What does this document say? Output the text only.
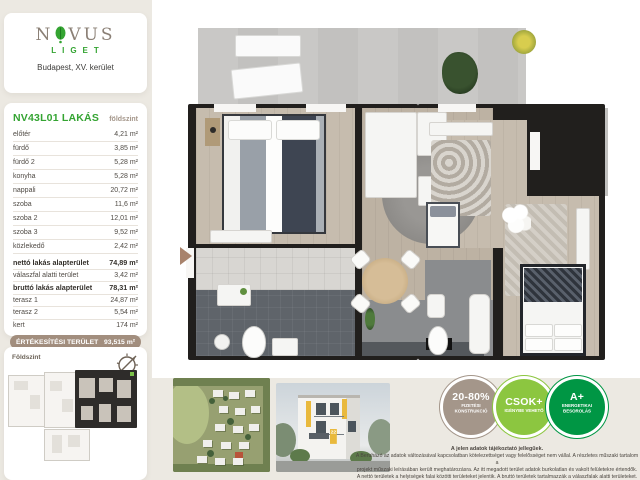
N VUS
LIGET
Budapest, XV. kerület
NV43L01 LAKÁS földszint
előtér	4,21 m²
fürdő	3,85 m²
fürdő 2	5,28 m²
konyha	5,28 m²
nappali	20,72 m²
szoba	11,6 m²
szoba 2	12,01 m²
szoba 3	9,52 m²
közlekedő	2,42 m²
nettó lakás alapterület	74,89 m²
válaszfal alatti terület	3,42 m²
bruttó lakás alapterület 78,31 m²
terasz 1	24,87 m²
terasz 2	5,54 m²
kert	174 m²
ÉRTÉKESÍTÉSI TERÜLET 93,515 m²
Földszint
22
20-80%
FIZETÉSI KONSTRUKCIÓ
CSOK+
IGÉNYBE VEHETŐ
A+
ENERGETIKAI BESOROLÁS
A jelen adatok tájékoztató jellegűek.
A Beruházó az adatok változásával kapcsolatban kötelezettséget vagy felelősséget nem vállal. A részletes műszaki tartalom a
projekt műszaki leírásában került meghatározásra. Az itt megadott terület adatok burkolatlan és vakolt felületekre értendők.
A nettó területek a helyiségek falai közötti területeket jelentik. A bruttó területek tartalmazzák a válaszfalak alatti területeket.
